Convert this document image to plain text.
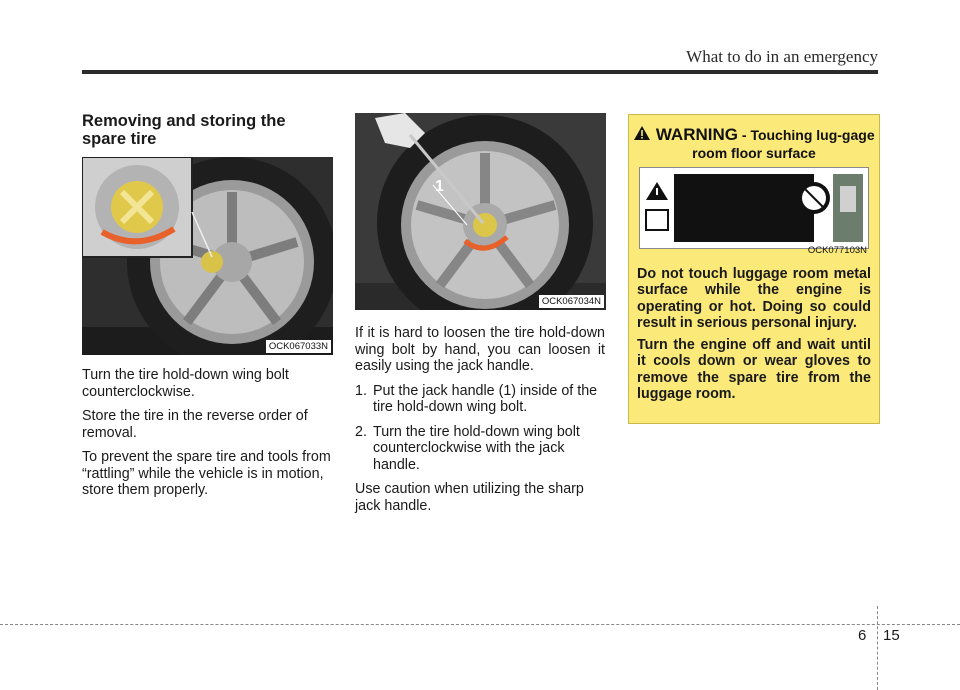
What to do in an emergency
Removing and storing the spare tire
OCK067033N

Turn the tire hold-down wing bolt counterclockwise.

Store the tire in the reverse order of removal.

To prevent the spare tire and tools from “rattling” while the vehicle is in motion, store them properly.

1
OCK067034N

If it is hard to loosen the tire hold-down wing bolt by hand, you can loosen it easily using the jack handle.

1. Put the jack handle (1) inside of the tire hold-down wing bolt.
2. Turn the tire hold-down wing bolt counterclockwise with the jack handle.

Use caution when utilizing the sharp jack handle.

WARNING - Touching lug-gage room floor surface
OCK077103N

Do not touch luggage room metal surface while the engine is operating or hot. Doing so could result in serious personal injury.

Turn the engine off and wait until it cools down or wear gloves to remove the spare tire from the luggage room.

6 15
